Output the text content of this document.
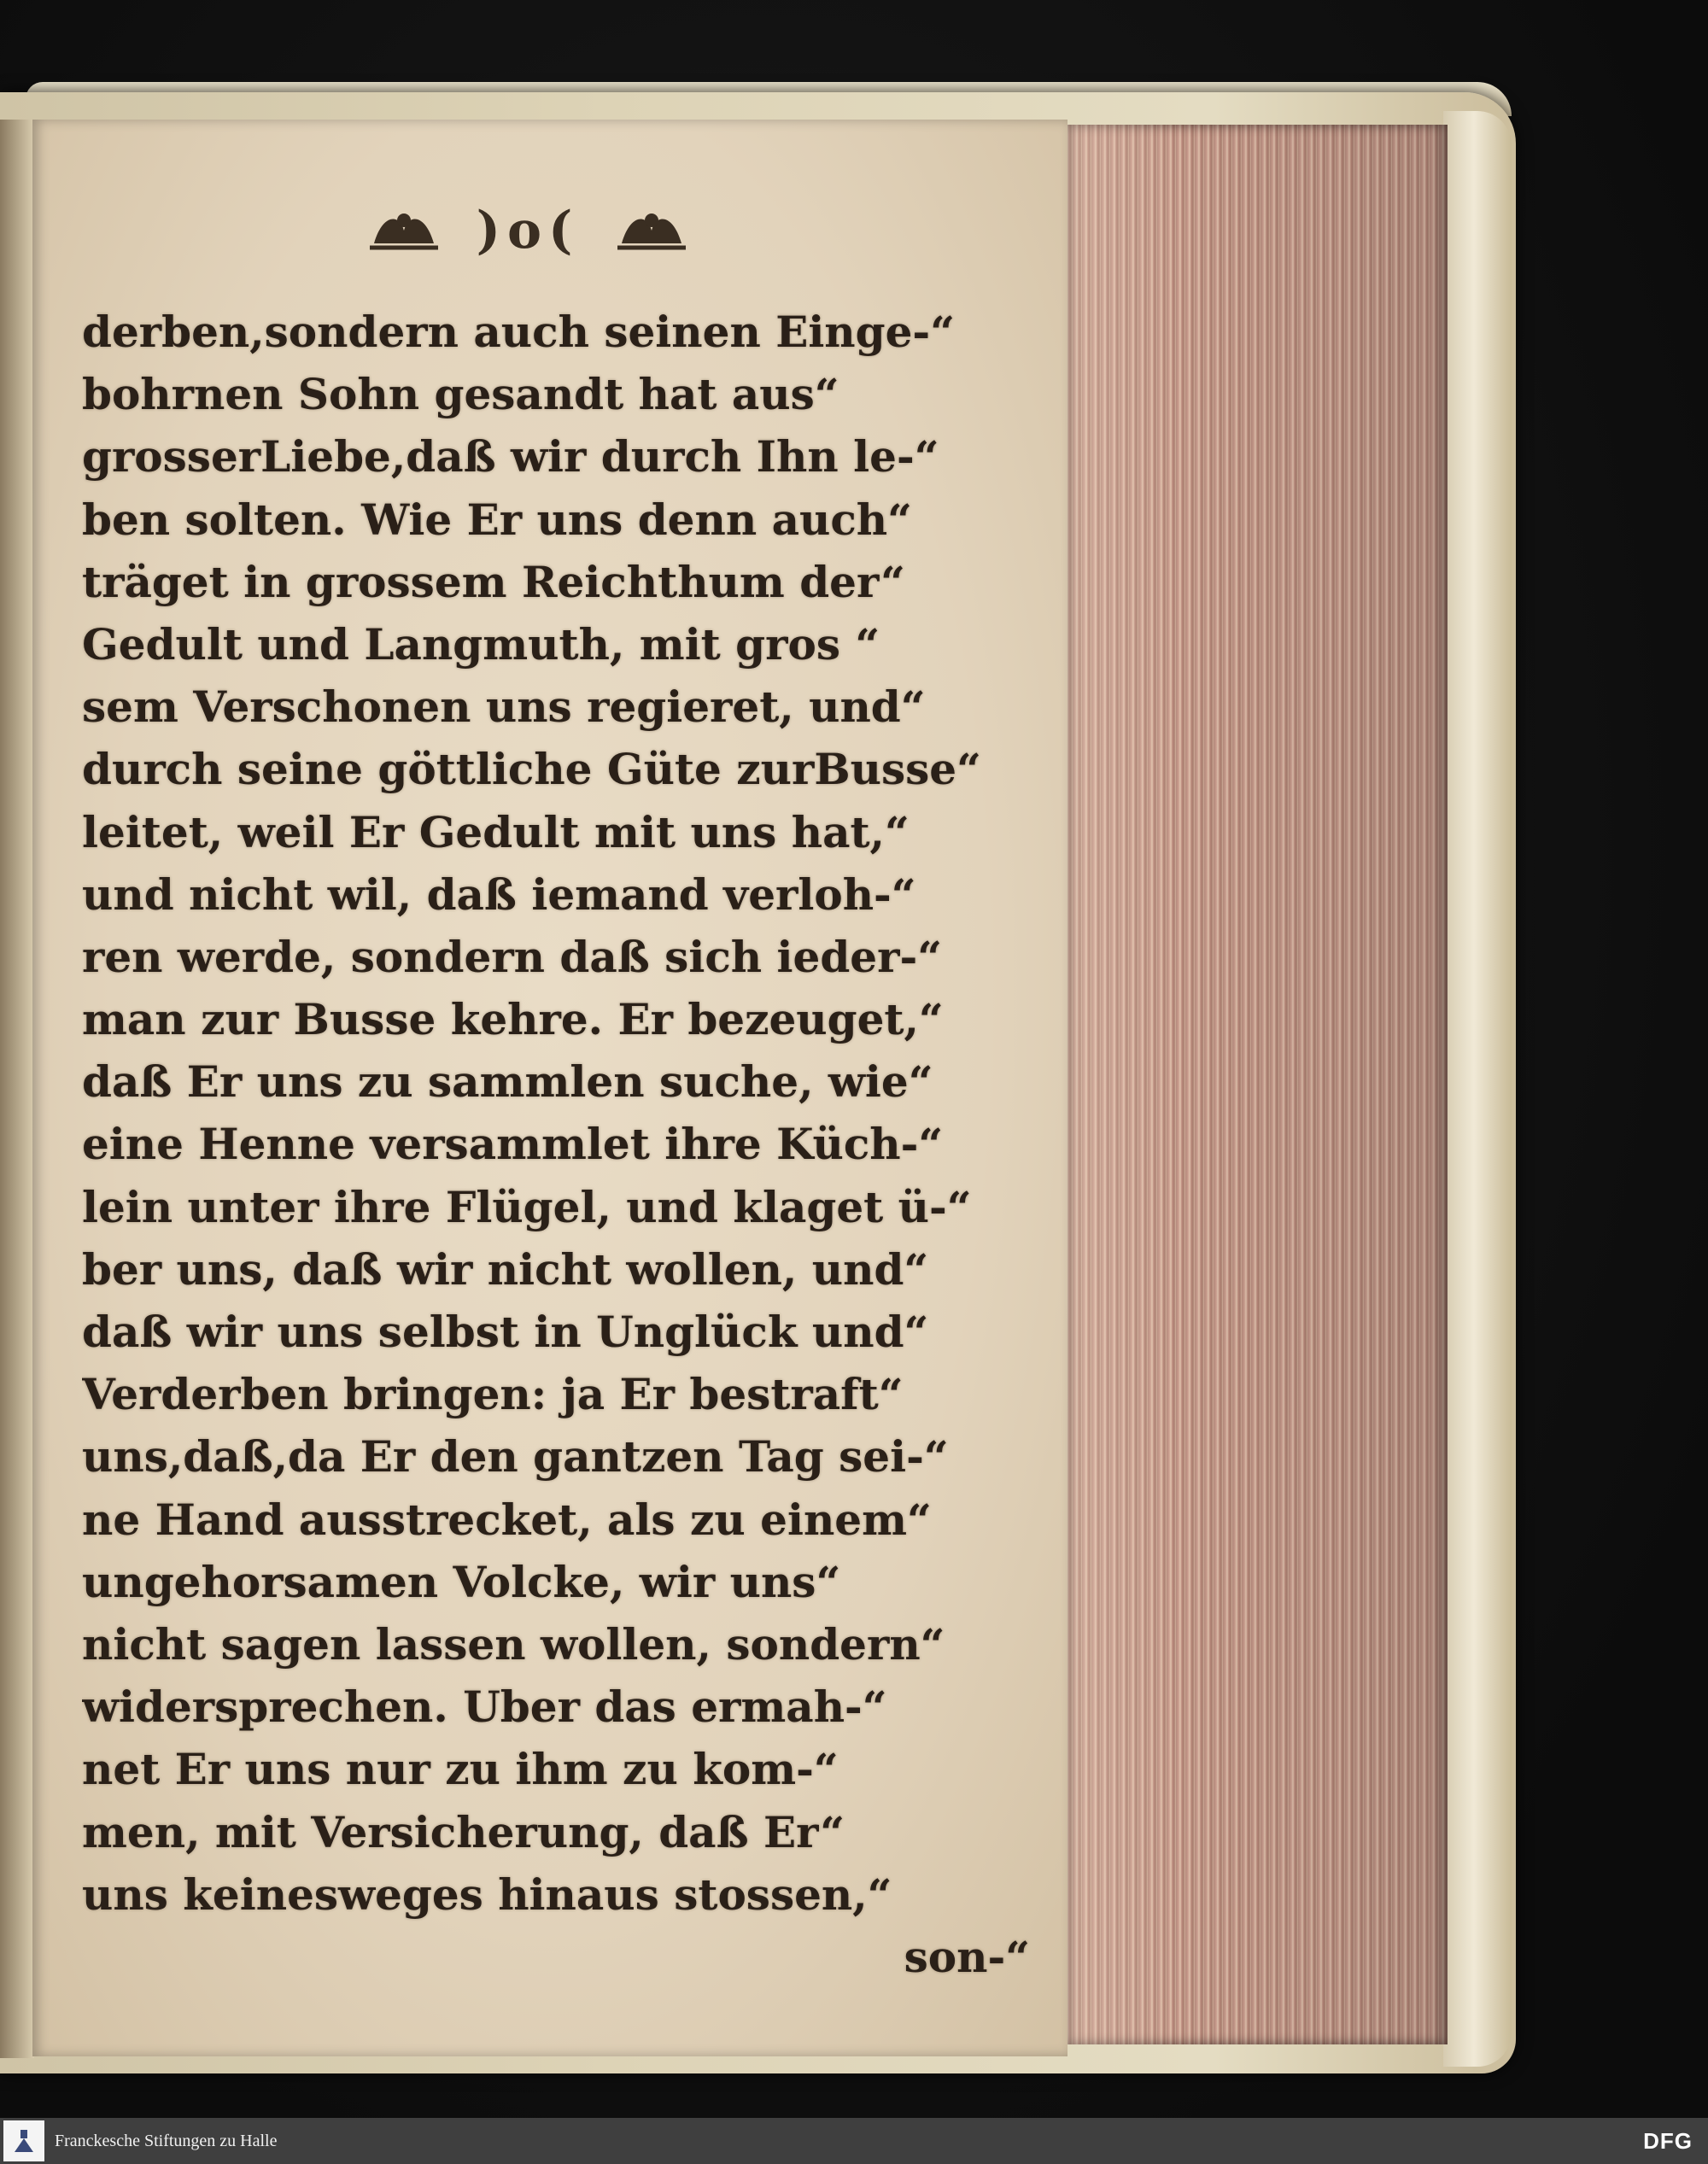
)o(
derben,sondern auch seinen Einge-“
bohrnen Sohn gesandt hat aus“
grosserLiebe,daß wir durch Ihn le-“
ben solten. Wie Er uns denn auch“
träget in grossem Reichthum der“
Gedult und Langmuth, mit gros “
sem Verschonen uns regieret, und“
durch seine göttliche Güte zurBusse“
leitet, weil Er Gedult mit uns hat,“
und nicht wil, daß iemand verloh-“
ren werde, sondern daß sich ieder-“
man zur Busse kehre. Er bezeuget,“
daß Er uns zu sammlen suche, wie“
eine Henne versammlet ihre Küch-“
lein unter ihre Flügel, und klaget ü-“
ber uns, daß wir nicht wollen, und“
daß wir uns selbst in Unglück und“
Verderben bringen: ja Er bestraft“
uns,daß,da Er den gantzen Tag sei-“
ne Hand ausstrecket, als zu einem“
ungehorsamen Volcke, wir uns“
nicht sagen lassen wollen, sondern“
widersprechen. Uber das ermah-“
net Er uns nur zu ihm zu kom-“
men, mit Versicherung, daß Er“
uns keinesweges hinaus stossen,“
son-“
Franckesche Stiftungen zu Halle	DFG
